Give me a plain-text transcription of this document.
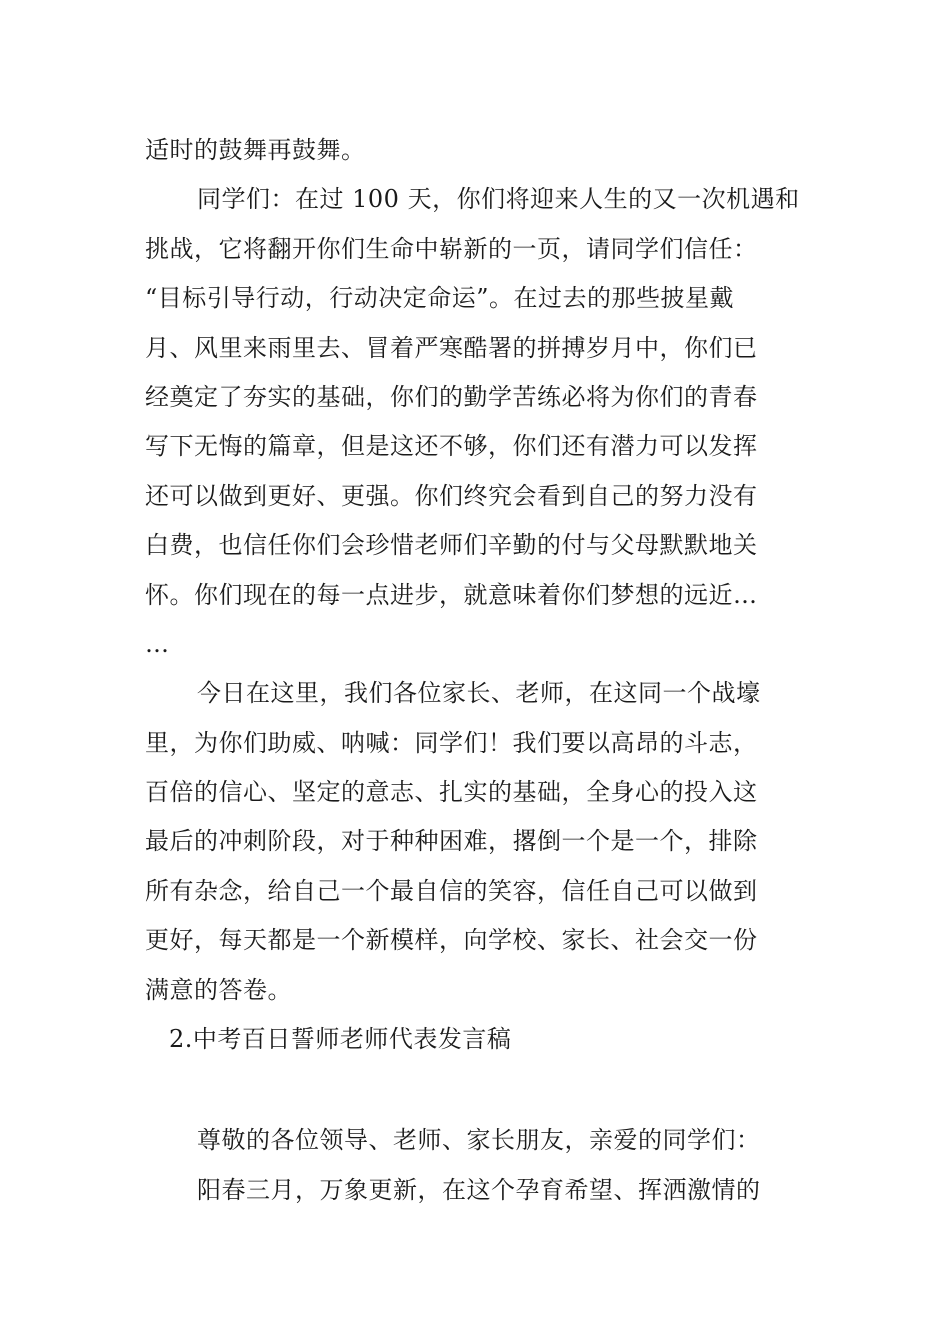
适时的鼓舞再鼓舞。
同学们：在过 100 天，你们将迎来人生的又一次机遇和
挑战，它将翻开你们生命中崭新的一页，请同学们信任：
“目标引导行动，行动决定命运”。在过去的那些披星戴
月、风里来雨里去、冒着严寒酷署的拼搏岁月中，你们已
经奠定了夯实的基础，你们的勤学苦练必将为你们的青春
写下无悔的篇章，但是这还不够，你们还有潜力可以发挥
还可以做到更好、更强。你们终究会看到自己的努力没有
白费，也信任你们会珍惜老师们辛勤的付与父母默默地关
怀。你们现在的每一点进步，就意味着你们梦想的远近…
…
今日在这里，我们各位家长、老师，在这同一个战壕
里，为你们助威、呐喊：同学们！我们要以高昂的斗志，
百倍的信心、坚定的意志、扎实的基础，全身心的投入这
最后的冲刺阶段，对于种种困难，撂倒一个是一个，排除
所有杂念，给自己一个最自信的笑容，信任自己可以做到
更好，每天都是一个新模样，向学校、家长、社会交一份
满意的答卷。
2.中考百日誓师老师代表发言稿
尊敬的各位领导、老师、家长朋友，亲爱的同学们：
阳春三月，万象更新，在这个孕育希望、挥洒激情的
